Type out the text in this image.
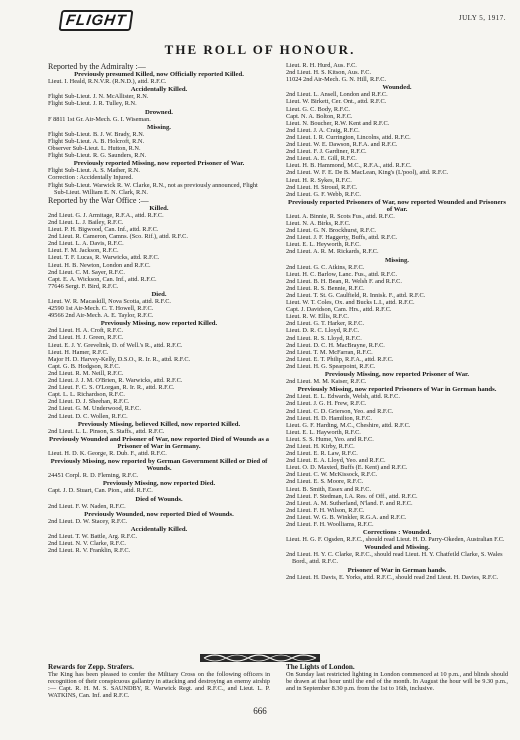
FLIGHT	JULY 5, 1917.
THE ROLL OF HONOUR.

Reported by the Admiralty :—

Previously presumed Killed, now Officially reported Killed.

Lieut. I. Heald, R.N.V.R. (R.N.D.), attd. R.F.C.

Accidentally Killed.

Flight Sub-Lieut. J. N. McAllister, R.N.

Flight Sub-Lieut. J. R. Tulley, R.N.

Drowned.

F 8811 1st Gr. Air-Mech. G. I. Wiseman.

Missing.

Flight Sub-Lieut. B. J. W. Brady, R.N.

Flight Sub-Lieut. A. B. Holcroft, R.N.

Observer Sub-Lieut. L. Hutton, R.N.

Flight Sub-Lieut. R. G. Saunders, R.N.

Previously reported Missing, now reported Prisoner of War.

Flight Sub-Lieut. A. S. Mather, R.N.

Correction : Accidentally Injured.

Flight Sub-Lieut. Warwick R. W. Clarke, R.N., not as previously announced, Flight Sub-Lieut. William E. N. Clark, R.N.

Reported by the War Office :—

Killed.

2nd Lieut. G. J. Armitage, R.F.A., attd. R.F.C.

2nd Lieut. L. J. Bailey, R.F.C.

Lieut. P. H. Bigwood, Can. Inf., attd. R.F.C.

2nd Lieut. R. Cameron, Camns. (Sco. Rif.), attd. R.F.C.

2nd Lieut. L. A. Davis, R.F.C.

Lieut. F. M. Jackson, R.F.C.

Lieut. T. F. Lucas, R. Warwicks, attd. R.F.C.

Lieut. H. B. Newton, London and R.F.C.

2nd Lieut. C. M. Sayer, R.F.C.

Capt. E. A. Wickson, Can. Inf., attd. R.F.C.

77646 Sergt. F. Bird, R.F.C.

Died.

Lieut. W. R. Macaskill, Nova Scotia, attd. R.F.C.

42590 1st Air-Mech. C. T. Howell, R.F.C.

49566 2nd Air-Mech. A. E. Taylor, R.F.C.

Previously Missing, now reported Killed.

2nd Lieut. H. A. Croft, R.F.C.

2nd Lieut. H. J. Green, R.F.C.

Lieut. E. J. Y. Grevelink, D. of Well.'s R., attd. R.F.C.

Lieut. H. Hamer, R.F.C.

Major H. D. Harvey-Kelly, D.S.O., R. Ir. R., attd. R.F.C.

Capt. G. B. Hodgson, R.F.C.

2nd Lieut. R. M. Neill, R.F.C.

2nd Lieut. J. J. M. O'Brien, R. Warwicks, attd. R.F.C.

2nd Lieut. F. C. S. O'Lorgan, R. Ir. R., attd. R.F.C.

Capt. L. L. Richardson, R.F.C.

2nd Lieut. D. J. Sheehan, R.F.C.

2nd Lieut. G. M. Underwood, R.F.C.

2nd Lieut. D. C. Wollen, R.F.C.

Previously Missing, believed Killed, now reported Killed.

2nd Lieut. L. L. Pinson, S. Staffs., attd. R.F.C.

Previously Wounded and Prisoner of War, now reported Died of Wounds as a Prisoner of War in Germany.

Lieut. H. D. K. George, R. Dub. F., attd. R.F.C.

Previously Missing, now reported by German Government Killed or Died of Wounds.

24451 Corpl. R. D. Fleming, R.F.C.

Previously Missing, now reported Died.

Capt. J. D. Stuart, Can. Pion., attd. R.F.C.

Died of Wounds.

2nd Lieut. F. W. Naden, R.F.C.

Previously Wounded, now reported Died of Wounds.

2nd Lieut. D. W. Stacey, R.F.C.

Accidentally Killed.

2nd Lieut. T. W. Battle, Arg. R.F.C.

2nd Lieut. N. V. Clarke, R.F.C.

2nd Lieut. R. V. Franklin, R.F.C.

Lieut. R. H. Hurd, Aus. F.C.

2nd Lieut. H. S. Kitson, Aus. F.C.

11024 2nd Air-Mech. G. N. Hill, R.F.C.

Wounded.

2nd Lieut. L. Ansell, London and R.F.C.

Lieut. W. Birkett, Cer. Ont., attd. R.F.C.

Lieut. G. C. Body, R.F.C.

Capt. N. A. Bolton, R.F.C.

Lieut. N. Boucher, R.W. Kent and R.F.C.

2nd Lieut. J. A. Craig, R.F.C.

2nd Lieut. I. R. Currington, Lincolns, attd. R.F.C.

2nd Lieut. W. E. Dawson, R.F.A. and R.F.C.

2nd Lieut. F. J. Gardiner, R.F.C.

2nd Lieut. A. E. Gill, R.F.C.

Lieut. H. B. Hammond, M.C., R.F.A., attd. R.F.C.

2nd Lieut. W. F. E. De B. MacLean, King's (L'pool), attd. R.F.C.

Lieut. H. R. Sykes, R.F.C.

2nd Lieut. H. Stroud, R.F.C.

2nd Lieut. G. F. Webb, R.F.C.

Previously reported Prisoners of War, now reported Wounded and Prisoners of War.

Lieut. A. Binnie, R. Scots Fus., attd. R.F.C.

Lieut. N. A. Birks, R.F.C.

2nd Lieut. G. N. Brockhurst, R.F.C.

2nd Lieut. J. F. Haggerty, Buffs, attd. R.F.C.

Lieut. E. L. Heyworth, R.F.C.

2nd Lieut. A. R. M. Rickards, R.F.C.

Missing.

2nd Lieut. G. C. Atkins, R.F.C.

Lieut. H. C. Barlow, Lanc. Fus., attd. R.F.C.

2nd Lieut. B. H. Bean, R. Welsh F. and R.F.C.

2nd Lieut. R. S. Bennie, R.F.C.

2nd Lieut. T. St. G. Caulfield, R. Innisk. F., attd. R.F.C.

Lieut. W. T. Coles, Ox. and Bucks L.I., attd. R.F.C.

Capt. J. Davidson, Cam. Hrs., attd. R.F.C.

Lieut. R. W. Ellis, R.F.C.

2nd Lieut. G. T. Harker, R.F.C.

Lieut. D. R. C. Lloyd, R.F.C.

2nd Lieut. R. S. Lloyd, R.F.C.

2nd Lieut. D. C. H. MacBrayne, R.F.C.

2nd Lieut. T. M. McFarran, R.F.C.

2nd Lieut. E. T. Philip, R.F.A., attd. R.F.C.

2nd Lieut. H. G. Spearpoint, R.F.C.

Previously Missing, now reported Prisoner of War.

2nd Lieut. M. M. Kaiser, R.F.C.

Previously Missing, now reported Prisoners of War in German hands.

2nd Lieut. E. L. Edwards, Welsh, attd. R.F.C.

2nd Lieut. J. G. H. Frew, R.F.C.

2nd Lieut. C. D. Grierson, Yeo. and R.F.C.

2nd Lieut. H. D. Hamilton, R.F.C.

Lieut. G. F. Harding, M.C., Cheshire, attd. R.F.C.

Lieut. E. L. Hayworth, R.F.C.

Lieut. S. S. Hume, Yeo. and R.F.C.

2nd Lieut. H. Kirby, R.F.C.

2nd Lieut. E. R. Law, R.F.C.

2nd Lieut. E. A. Lloyd, Yeo. and R.F.C.

Lieut. O. D. Maxted, Buffs (E. Kent) and R.F.C.

2nd Lieut. C. W. McKissock, R.F.C.

2nd Lieut. E. S. Moore, R.F.C.

Lieut. B. Smith, Essex and R.F.C.

2nd Lieut. F. Stedman, I.A. Res. of Off., attd. R.F.C.

2nd Lieut. A. M. Sutherland, N'land. F. and R.F.C.

2nd Lieut. F. H. Wilson, R.F.C.

2nd Lieut. W. G. B. Winkler, R.G.A. and R.F.C.

2nd Lieut. F. H. Woolliams, R.F.C.

Corrections : Wounded.

Lieut. H. G. F. Ogsden, R.F.C., should read Lieut. H. D. Parry-Okeden, Australian F.C.

Wounded and Missing.

2nd Lieut. H. Y. C. Clarke, R.F.C., should read Lieut. H. Y. Chatfeild Clarke, S. Wales Bord., attd. R.F.C.

Prisoner of War in German hands.

2nd Lieut. H. Davis, E. Yorks, attd. R.F.C., should read 2nd Lieut. H. Davies, R.F.C.

Rewards for Zepp. Strafers.

The King has been pleased to confer the Military Cross on the following officers in recognition of their conspicuous gallantry in attacking and destroying an enemy airship :— Capt. R. H. M. S. SAUNDBY, R. Warwick Regt. and R.F.C., and Lieut. L. P. WATKINS, Can. Inf. and R.F.C.

The Lights of London.

On Sunday last restricted lighting in London commenced at 10 p.m., and blinds should be drawn at that hour until the end of the month. In August the hour will be 9.30 p.m., and in September 8.30 p.m. from the 1st to 16th, inclusive.

666
